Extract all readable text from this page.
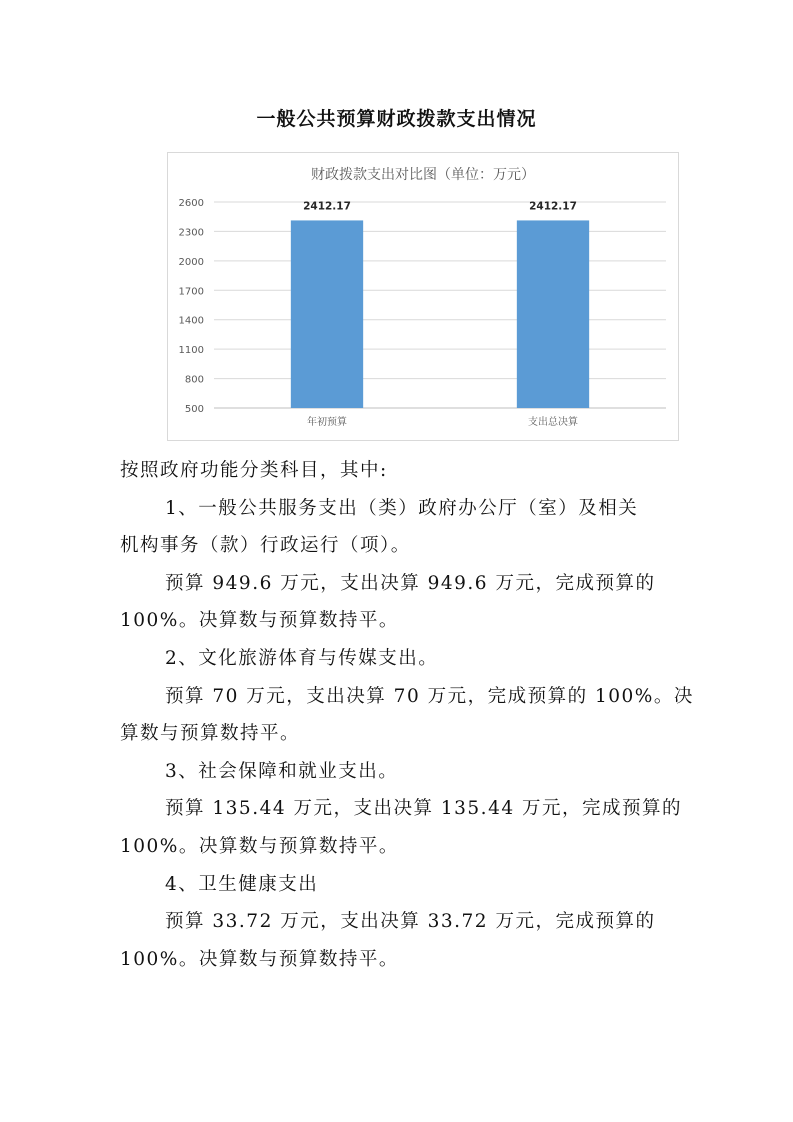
一般公共预算财政拨款支出情况
财政拨款支出对比图（单位：万元）
500
800
1100
1400
1700
2000
2300
2600	2412.17
年初预算
2412.17
支出总决算
按照政府功能分类科目，其中:
1、一般公共服务支出（类）政府办公厅（室）及相关
机构事务（款）行政运行（项）。
预算 949.6 万元，支出决算 949.6 万元，完成预算的
100%。决算数与预算数持平。
2、文化旅游体育与传媒支出。
预算 70 万元，支出决算 70 万元，完成预算的 100%。决
算数与预算数持平。
3、社会保障和就业支出。
预算 135.44 万元，支出决算 135.44 万元，完成预算的
100%。决算数与预算数持平。
4、卫生健康支出
预算 33.72 万元，支出决算 33.72 万元，完成预算的
100%。决算数与预算数持平。
